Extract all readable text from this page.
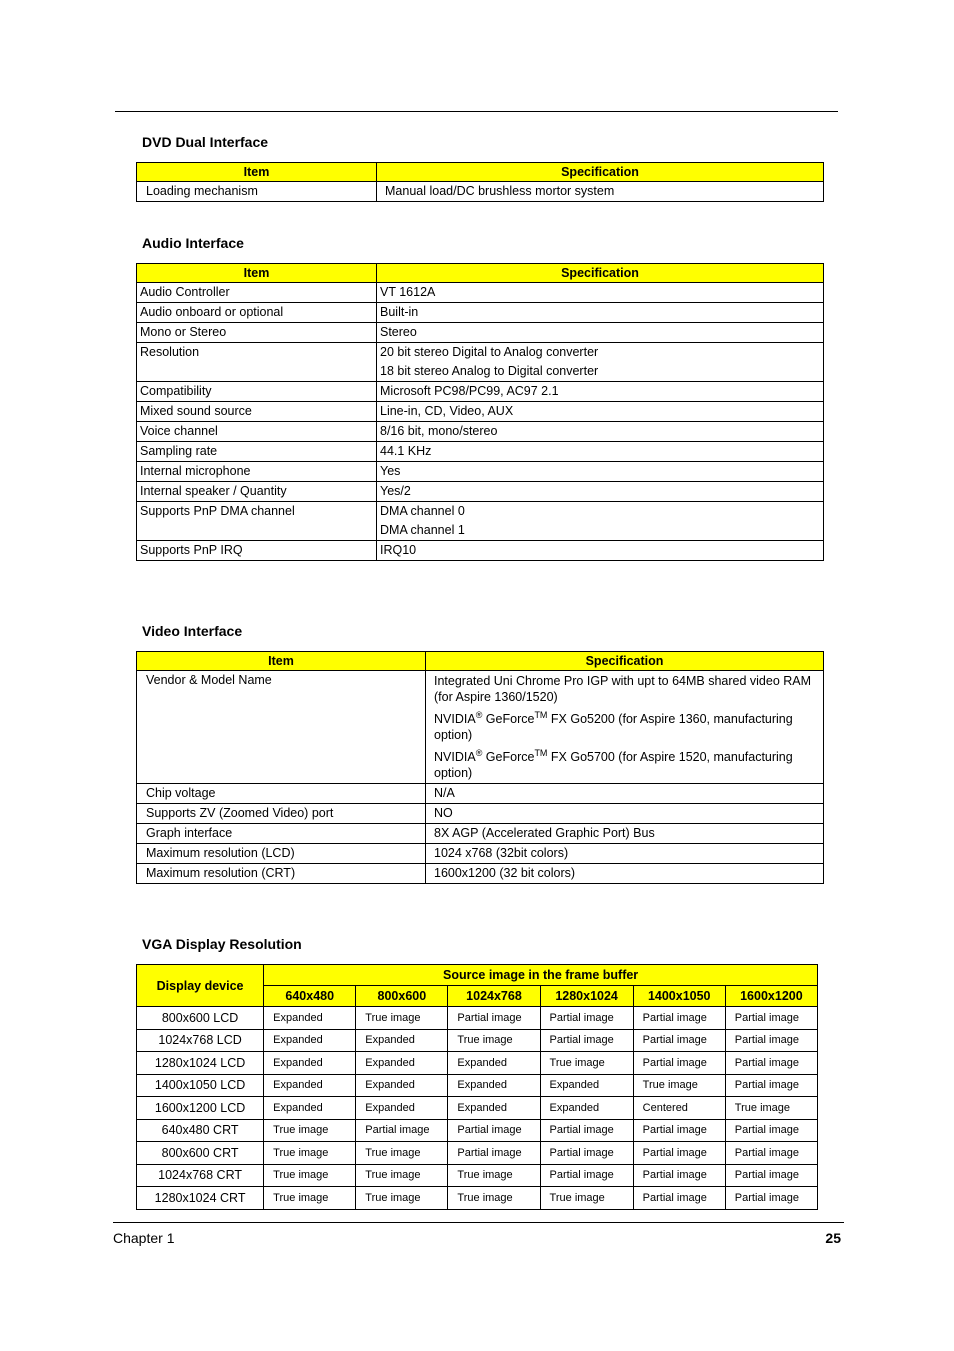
DVD Dual Interface
Item	Specification
Loading mechanism	Manual load/DC brushless mortor system
Audio Interface
Item	Specification
Audio Controller	VT 1612A

Audio onboard or optional	Built-in

Mono or Stereo	Stereo

Resolution	20 bit stereo Digital to Analog converter
18 bit stereo Analog to Digital converter

Compatibility	Microsoft PC98/PC99, AC97 2.1

Mixed sound source	Line-in, CD, Video, AUX

Voice channel	8/16 bit, mono/stereo

Sampling rate	44.1 KHz

Internal microphone	Yes

Internal speaker / Quantity	Yes/2

Supports PnP DMA channel	DMA channel 0
DMA channel 1

Supports PnP IRQ	IRQ10
Video Interface
Item	Specification
Vendor & Model Name	Integrated Uni Chrome Pro IGP with upt to 64MB shared video RAM (for Aspire 1360/1520)
NVIDIA® GeForce™ FX Go5200 (for Aspire 1360, manufacturing option)
NVIDIA® GeForce™ FX Go5700 (for Aspire 1520, manufacturing option)

Chip voltage	N/A
Supports ZV (Zoomed Video) port	NO
Graph interface	8X AGP (Accelerated Graphic Port) Bus
Maximum resolution (LCD)	1024 x768 (32bit colors)
Maximum resolution (CRT)	1600x1200 (32 bit colors)
VGA Display Resolution
Display device	Source image in the frame buffer					
	640x480	800x600	1024x768	1280x1024	1400x1050	1600x1200
800x600 LCD	Expanded	True image	Partial image	Partial image	Partial image	Partial image
1024x768 LCD	Expanded	Expanded	True image	Partial image	Partial image	Partial image
1280x1024 LCD	Expanded	Expanded	Expanded	True image	Partial image	Partial image
1400x1050 LCD	Expanded	Expanded	Expanded	Expanded	True image	Partial image
1600x1200 LCD	Expanded	Expanded	Expanded	Expanded	Centered	True image
640x480 CRT	True image	Partial image	Partial image	Partial image	Partial image	Partial image
800x600 CRT	True image	True image	Partial image	Partial image	Partial image	Partial image
1024x768 CRT	True image	True image	True image	Partial image	Partial image	Partial image
1280x1024 CRT	True image	True image	True image	True image	Partial image	Partial image
Chapter 1	25
